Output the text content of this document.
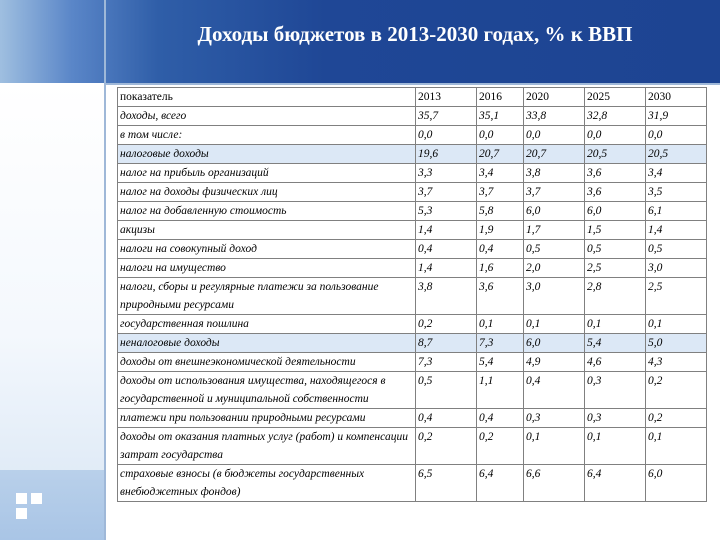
Доходы бюджетов в 2013-2030 годах, % к ВВП
показатель	2013	2016	2020	2025	2030
доходы, всего	35,7	35,1	33,8	32,8	31,9
в том числе:	0,0	0,0	0,0	0,0	0,0
налоговые доходы	19,6	20,7	20,7	20,5	20,5
налог на прибыль организаций	3,3	3,4	3,8	3,6	3,4
налог на доходы физических лиц	3,7	3,7	3,7	3,6	3,5
налог на добавленную стоимость	5,3	5,8	6,0	6,0	6,1
акцизы	1,4	1,9	1,7	1,5	1,4
налоги на совокупный доход	0,4	0,4	0,5	0,5	0,5
налоги на имущество	1,4	1,6	2,0	2,5	3,0
налоги, сборы и регулярные платежи за пользование природными ресурсами	3,8	3,6	3,0	2,8	2,5
государственная пошлина	0,2	0,1	0,1	0,1	0,1
неналоговые доходы	8,7	7,3	6,0	5,4	5,0
доходы от внешнеэкономической деятельности	7,3	5,4	4,9	4,6	4,3
доходы от использования имущества, находящегося в государственной и муниципальной собственности	0,5	1,1	0,4	0,3	0,2
платежи при пользовании природными ресурсами	0,4	0,4	0,3	0,3	0,2
доходы от оказания платных услуг (работ) и компенсации затрат государства	0,2	0,2	0,1	0,1	0,1
страховые взносы (в бюджеты государственных внебюджетных фондов)	6,5	6,4	6,6	6,4	6,0
